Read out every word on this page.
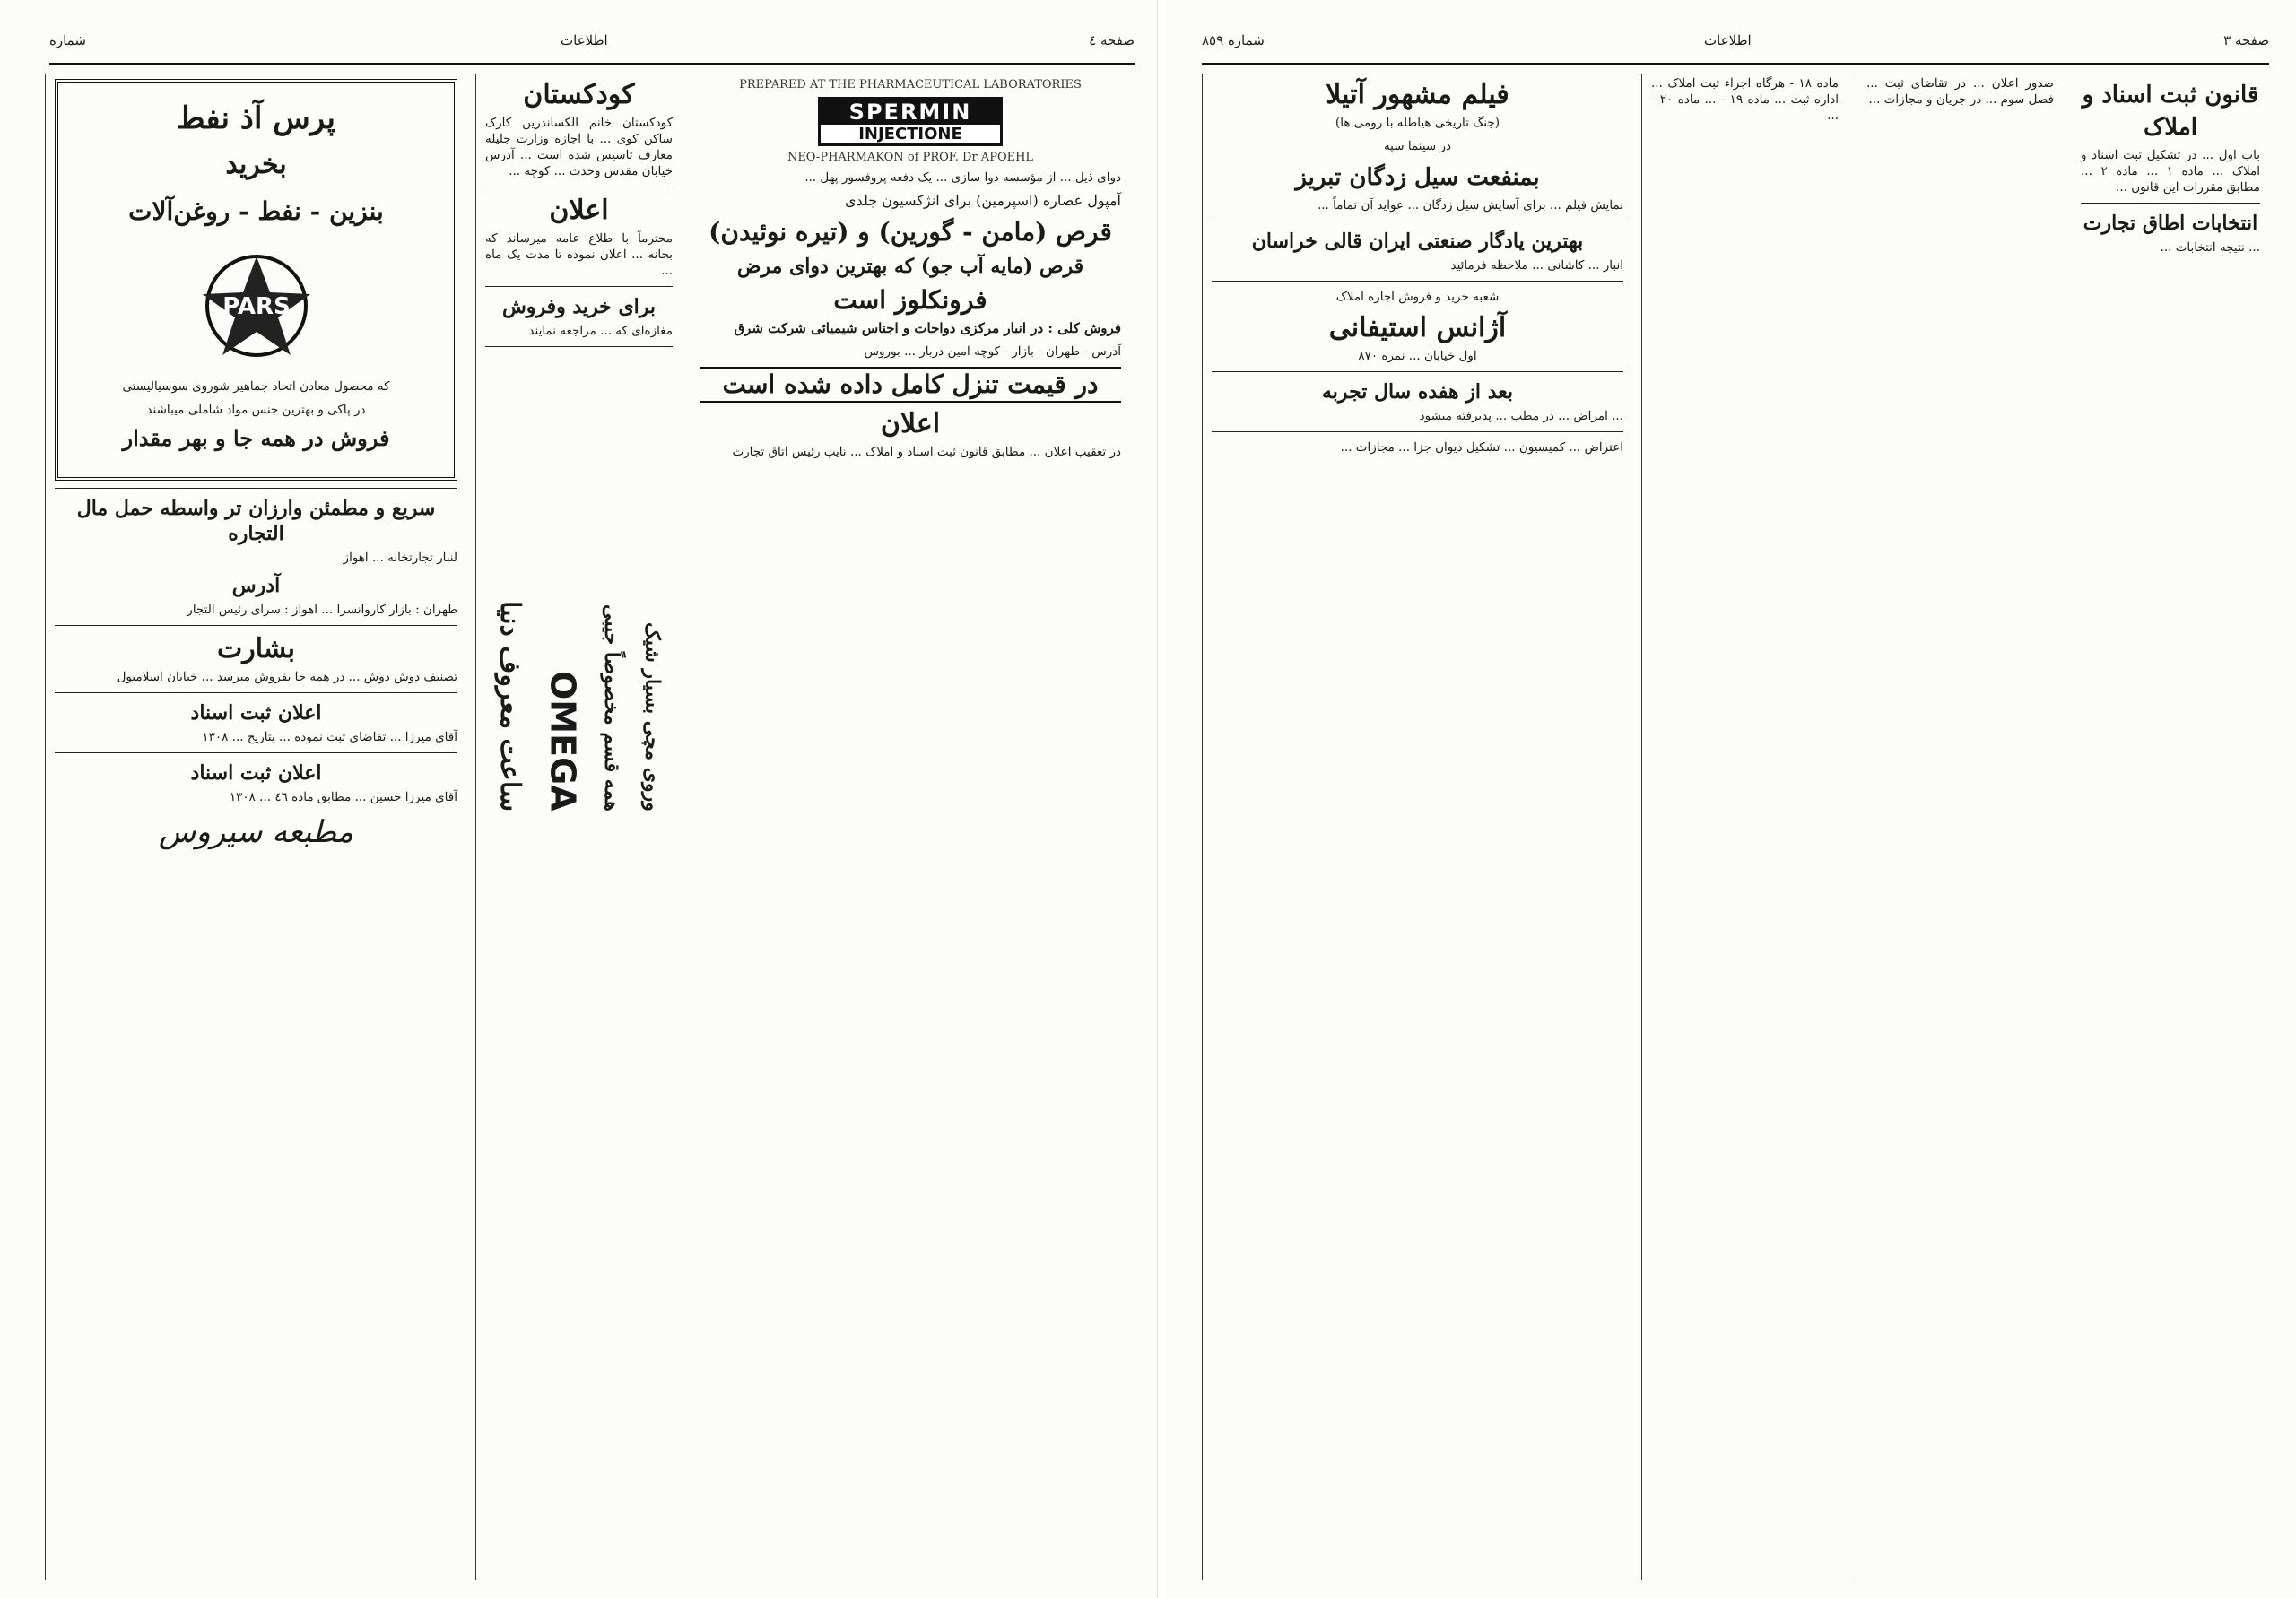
صفحه ٤
اطلاعات
شماره
پرس آذ نفط
بخرید
بنزین - نفط - روغن‌آلات
PARS

که محصول معادن اتحاد جماهیر شوروی سوسیالیستی

در پاکی و بهترین جنس مواد شاملی میباشند

فروش در همه جا و بهر مقدار
سریع و مطمئن وارزان تر واسطه حمل مال التجاره

لنبار تجارتخانه ... اهواز

آدرس

طهران : بازار کاروانسرا ... اهواز : سرای رئیس التجار

بشارت

تصنیف دوش دوش ... در همه جا بفروش میرسد ... خیابان اسلامبول

اعلان ثبت اسناد

آقای میرزا ... تقاضای ثبت نموده ... بتاریخ ... ١٣٠٨

اعلان ثبت اسناد

آقای میرزا حسین ... مطابق ماده ٤٦ ... ١٣٠٨

مطبعه سیروس
کودکستان

کودکستان خانم الکساندرین کارک ساکن کوی ... با اجازه وزارت جلیله معارف تاسیس شده است ... آدرس خیابان مقدس وحدت ... کوچه ...

اعلان

محترماً با طلاع عامه میرساند که بخانه ... اعلان نموده تا مدت یک ماه ...

برای خرید وفروش

مغازه‌ای که ... مراجعه نمایند

ساعت معروف دنیا OMEGA همه قسم مخصوصاً جیبی وروی مچی بسیار شیک

PREPARED AT THE PHARMACEUTICAL LABORATORIES

SPERMIN
INJECTIONE

NEO-PHARMAKON of PROF. Dr APOEHL

دوای ذیل ... از مؤسسه دوا سازی ... یک دفعه پروفسور پهل ...

آمپول عصاره (اسپرمین) برای انژکسیون جلدی

قرص (مامن - گورین) و (تیره نوئیدن)
قرص (مایه آب جو) که بهترین دوای مرض
فرونکلوز است

فروش کلی : در انبار مرکزی دواجات و اجناس شیمیائی شرکت شرق

آدرس - طهران - بازار - کوچه امین دربار ... بوروس

در قیمت تنزل کامل داده شده است
اعلان

در تعقیب اعلان ... مطابق قانون ثبت اسناد و املاک ... نایب رئیس اتاق تجارت

صفحه ٣
اطلاعات
شماره ٨٥٩
فیلم مشهور آتیلا

(جنگ تاریخی هیاطله با رومی ها)

در سینما سپه

بمنفعت سیل زدگان تبریز

نمایش فیلم ... برای آسایش سیل زدگان ... عواید آن تماماً ...

بهترین یادگار صنعتی ایران قالی خراسان

انبار ... کاشانی ... ملاحظه فرمائید

شعبه خرید و فروش اجاره املاک

آژانس استیفانی

اول خیابان ... نمره ٨٧٠

بعد از هفده سال تجربه

... امراض ... در مطب ... پذیرفته میشود

اعتراض ... کمیسیون ... تشکیل دیوان جزا ... مجازات ...

ماده ١٨ - هرگاه اجراء ثبت املاک ... اداره ثبت ... ماده ١٩ - ... ماده ٢٠ - ...

صدور اعلان ... در تقاضای ثبت ... فصل سوم ... در جریان و مجازات ... قانون ثبت اسناد و املاک

باب اول ... در تشکیل ثبت اسناد و املاک ... ماده ١ ... ماده ٢ ... مطابق مقررات این قانون ...

انتخابات اطاق تجارت

... نتیجه انتخابات ...
